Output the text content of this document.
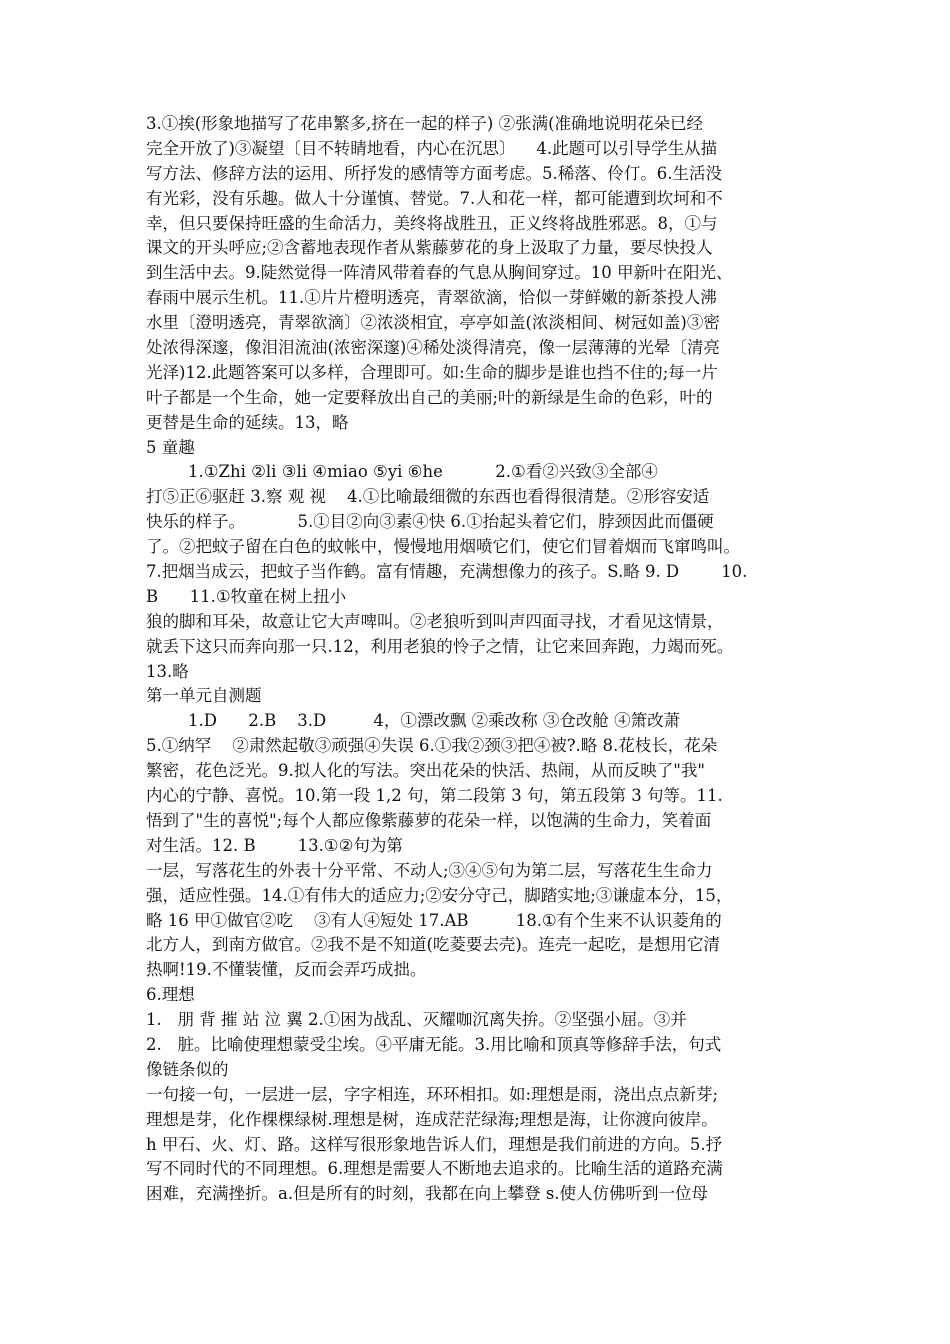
3.①挨(形象地描写了花串繁多,挤在一起的样子) ②张满(准确地说明花朵已经
完全开放了)③凝望〔目不转睛地看，内心在沉思〕    4.此题可以引导学生从描
写方法、修辞方法的运用、所抒发的感情等方面考虑。5.稀落、伶仃。6.生活没
有光彩，没有乐趣。做人十分谨慎、替觉。7.人和花一样，都可能遭到坎坷和不
幸，但只要保持旺盛的生命活力，美终将战胜丑，正义终将战胜邪恶。8，①与
课文的开头呼应;②含蓄地表现作者从紫藤萝花的身上汲取了力量，要尽快投人
到生活中去。9.陡然觉得一阵清风带着春的气息从胸间穿过。10 甲新叶在阳光、
春雨中展示生机。11.①片片橙明透亮，青翠欲滴，恰似一芽鲜嫩的新茶投人沸
水里〔澄明透亮，青翠欲滴〕②浓淡相宜，亭亭如盖(浓淡相间、树冠如盖)③密
处浓得深邃，像泪泪流油(浓密深邃)④稀处淡得清亮，像一层薄薄的光晕〔清亮
光泽)12.此题答案可以多样，合理即可。如:生命的脚步是谁也挡不住的;每一片
叶子都是一个生命，她一定要释放出自己的美丽;叶的新绿是生命的色彩，叶的
更替是生命的延续。13，略
5 童趣
1.①Zhi ②li ③li ④miao ⑤yi ⑥he          2.①看②兴致③全部④
打⑤正⑥驱赶 3.察 观 视    4.①比喻最细微的东西也看得很清楚。②形容安适
快乐的样子。          5.①目②向③素④快 6.①抬起头着它们，脖颈因此而僵硬
了。②把蚊子留在白色的蚊帐中，慢慢地用烟喷它们，使它们冒着烟而飞窜鸣叫。
7.把烟当成云，把蚊子当作鹤。富有情趣，充满想像力的孩子。S.略 9. D        10.
B      11.①牧童在树上扭小
狼的脚和耳朵，故意让它大声啤叫。②老狼听到叫声四面寻找，才看见这情景，
就丢下这只而奔向那一只.12，利用老狼的怜子之情，让它来回奔跑，力竭而死。
13.略
第一单元自测题
1.D      2.B    3.D         4，①漂改飘 ②乘改称 ③仓改舱 ④箫改萧
5.①纳罕    ②肃然起敬③顽强④失误 6.①我②颈③把④被?.略 8.花枝长，花朵
繁密，花色泛光。9.拟人化的写法。突出花朵的快活、热闹，从而反映了"我"
内心的宁静、喜悦。10.第一段 1,2 句，第二段第 3 句，第五段第 3 句等。11.
悟到了"生的喜悦";每个人都应像紫藤萝的花朵一样，以饱满的生命力，笑着面
对生活。12. B        13.①②句为第
一层，写落花生的外表十分平常、不动人;③④⑤句为第二层，写落花生生命力
强，适应性强。14.①有伟大的适应力;②安分守己，脚踏实地;③谦虚本分，15，
略 16 甲①做官②吃    ③有人④短处 17.AB         18.①有个生来不认识菱角的
北方人，到南方做官。②我不是不知道(吃菱要去壳)。连壳一起吃，是想用它清
热啊!19.不懂装懂，反而会弄巧成拙。
6.理想
1.   朋 背 摧 站 泣 翼 2.①困为战乱、灭耀咖沉离失拚。②坚强小屈。③并
2.   脏。比喻使理想蒙受尘埃。④平庸无能。3.用比喻和顶真等修辞手法，句式
像链条似的
一句接一句，一层进一层，字字相连，环环相扣。如:理想是雨，浇出点点新芽;
理想是芽，化作棵棵绿树.理想是树，连成茫茫绿海;理想是海，让你渡向彼岸。
h 甲石、火、灯、路。这样写很形象地告诉人们，理想是我们前进的方向。5.抒
写不同时代的不同理想。6.理想是需要人不断地去追求的。比喻生活的道路充满
困难，充满挫折。a.但是所有的时刻，我都在向上攀登 s.使人仿佛听到一位母
